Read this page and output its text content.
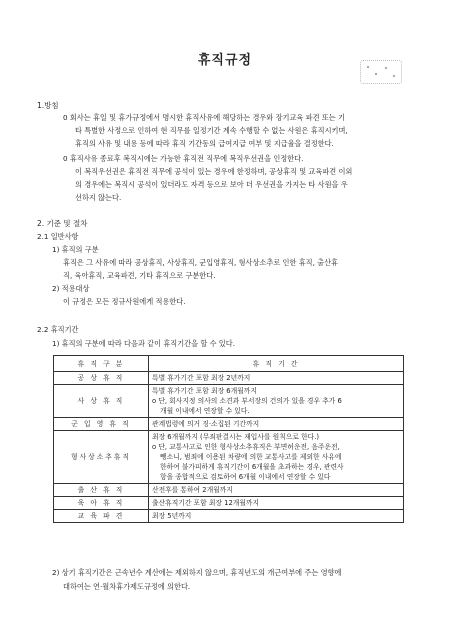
휴직규정
1.방침
0 회사는 휴일 및 휴가규정에서 명시한 휴직사유에 해당하는 경우와 장기교육 파견 또는 기
타 특별한 사정으로 인하여 현 직무를 일정기간 계속 수행할 수 없는 사원은 휴직시키며,
휴직의 사유 및 내용 등에 따라 휴직 기간동의 급여지급 여부 및 지급율을 결정한다.
0 휴직사유 종료후 복직시에는 가능한 휴직전 직무에 복직우선권을 인정한다.
이 복직우선권은 휴직전 직무에 공석이 있는 경우에 한정하며, 공상휴직 및 교육파견 이외
의 경우에는 복직시 공석이 있더라도 자격 등으로 보아 더 우선권을 가지는 타 사원을 우
선하지 않는다.
2. 기준 및 절차
2.1 일반사항
1) 휴직의 구분
휴직은 그 사유에 따라 공상휴직, 사상휴직, 군입영휴직, 형사상소추로 인한 휴직, 출산휴
직, 육아휴직, 교육파견, 기타 휴직으로 구분한다.
2) 적용대상
이 규정은 모든 정규사원에게 적용한다.
2.2 휴직기간
1) 휴직의 구분에 따라 다음과 같이 휴직기간을 할 수 있다.
휴 직 구 분	휴 직 기 간
공 상 휴 직	특별 휴가기간 포함 최장 2년까지

사 상 휴 직	특별 휴가기간 포함 최장 6개월까지
o 단, 회사지정 의사의 소견과 부서장의 건의가 있을 경우 추가 6
개월 이내에서 연장할 수 있다.

군 입 영 휴 직	관계법령에 의거 징·소집된 기간까지

형사상소추휴직	최장 6개월까지 (무죄판결시는 재입사를 원칙으로 한다.)
o 단, 교통사고로 인한 형사상소추휴직은 부면허운전, 음주운전,
뺑소니, 범죄에 이용된 차량에 의한 교통사고를 제외한 사유에
한하여 불가피하게 휴직기간이 6개월을 초과하는 경우, 관련사
항을 종합적으로 검토하여 6개월 이내에서 연장할 수 있다

출 산 휴 직	산전후를 통하여 2개월까지

육 아 휴 직	출산휴직기간 포함 최장 12개월까지

교 육 파 견	최장 5년까지
2) 상기 휴직기간은 근속년수 계산에는 제외하지 않으며, 휴직년도의 개근여부에 주는 영향에
대하여는 연·월차휴가제도규정에 의한다.
